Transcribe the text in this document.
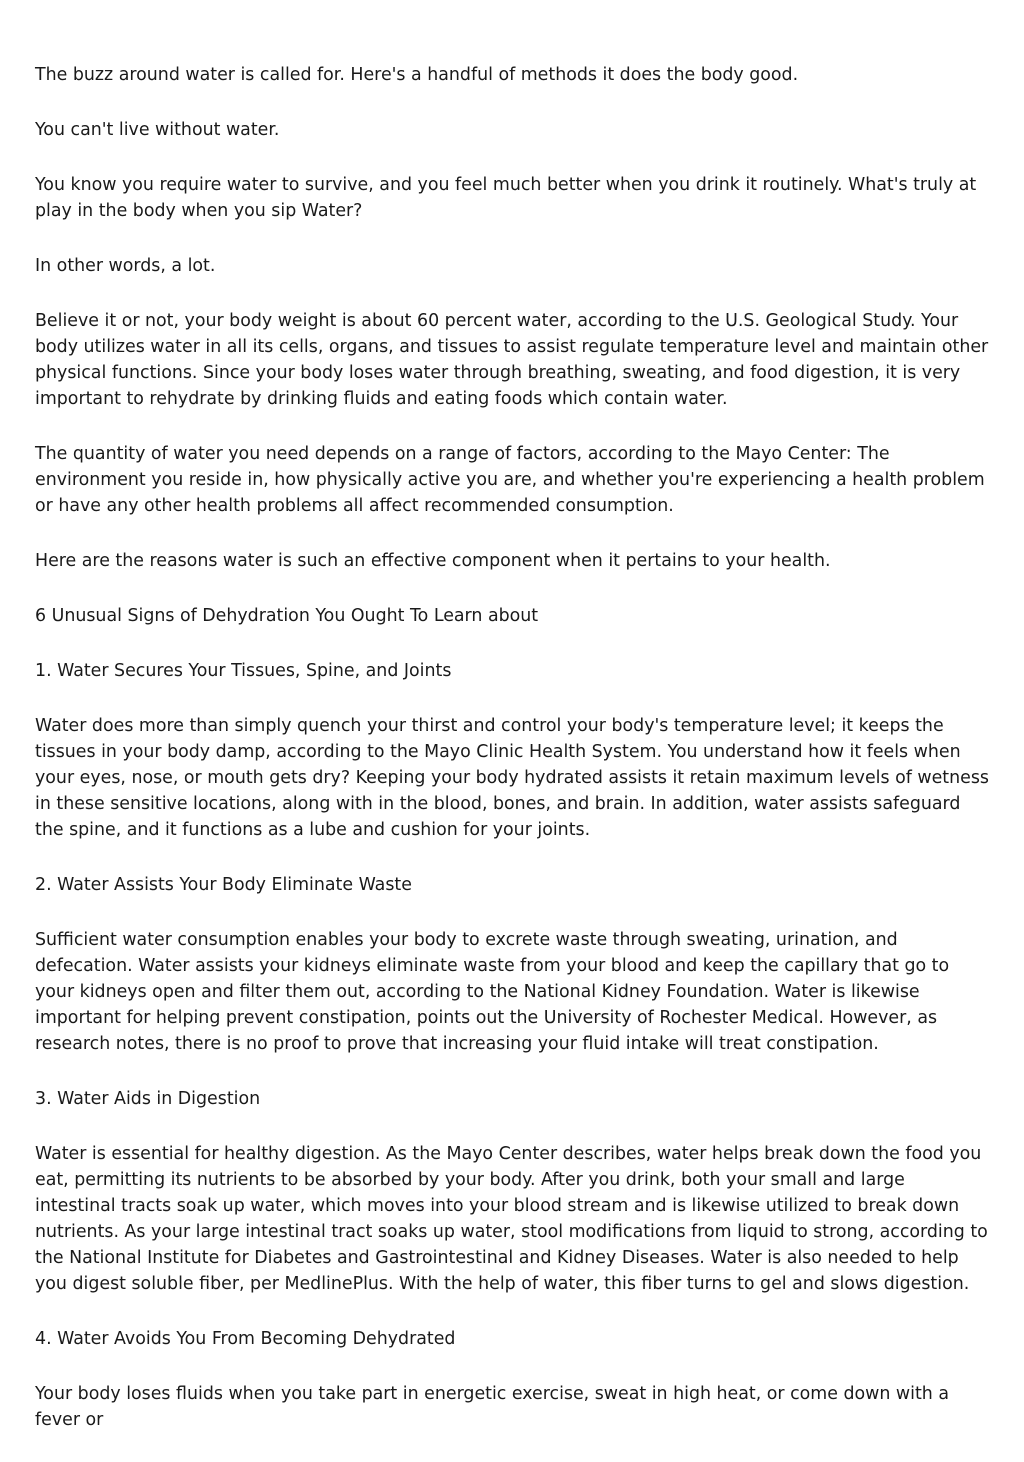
The buzz around water is called for. Here's a handful of methods it does the body good.

You can't live without water.

You know you require water to survive, and you feel much better when you drink it routinely. What's truly at play in the body when you sip Water?

In other words, a lot.

Believe it or not, your body weight is about 60 percent water, according to the U.S. Geological Study. Your body utilizes water in all its cells, organs, and tissues to assist regulate temperature level and maintain other physical functions. Since your body loses water through breathing, sweating, and food digestion, it is very important to rehydrate by drinking fluids and eating foods which contain water.

The quantity of water you need depends on a range of factors, according to the Mayo Center: The environment you reside in, how physically active you are, and whether you're experiencing a health problem or have any other health problems all affect recommended consumption.

Here are the reasons water is such an effective component when it pertains to your health.

6 Unusual Signs of Dehydration You Ought To Learn about

1. Water Secures Your Tissues, Spine, and Joints

Water does more than simply quench your thirst and control your body's temperature level; it keeps the tissues in your body damp, according to the Mayo Clinic Health System. You understand how it feels when your eyes, nose, or mouth gets dry? Keeping your body hydrated assists it retain maximum levels of wetness in these sensitive locations, along with in the blood, bones, and brain. In addition, water assists safeguard the spine, and it functions as a lube and cushion for your joints.

2. Water Assists Your Body Eliminate Waste

Sufficient water consumption enables your body to excrete waste through sweating, urination, and defecation. Water assists your kidneys eliminate waste from your blood and keep the capillary that go to your kidneys open and filter them out, according to the National Kidney Foundation. Water is likewise important for helping prevent constipation, points out the University of Rochester Medical. However, as research notes, there is no proof to prove that increasing your fluid intake will treat constipation.

3. Water Aids in Digestion

Water is essential for healthy digestion. As the Mayo Center describes, water helps break down the food you eat, permitting its nutrients to be absorbed by your body. After you drink, both your small and large intestinal tracts soak up water, which moves into your blood stream and is likewise utilized to break down nutrients. As your large intestinal tract soaks up water, stool modifications from liquid to strong, according to the National Institute for Diabetes and Gastrointestinal and Kidney Diseases. Water is also needed to help you digest soluble fiber, per MedlinePlus. With the help of water, this fiber turns to gel and slows digestion.

4. Water Avoids You From Becoming Dehydrated

Your body loses fluids when you take part in energetic exercise, sweat in high heat, or come down with a fever or
